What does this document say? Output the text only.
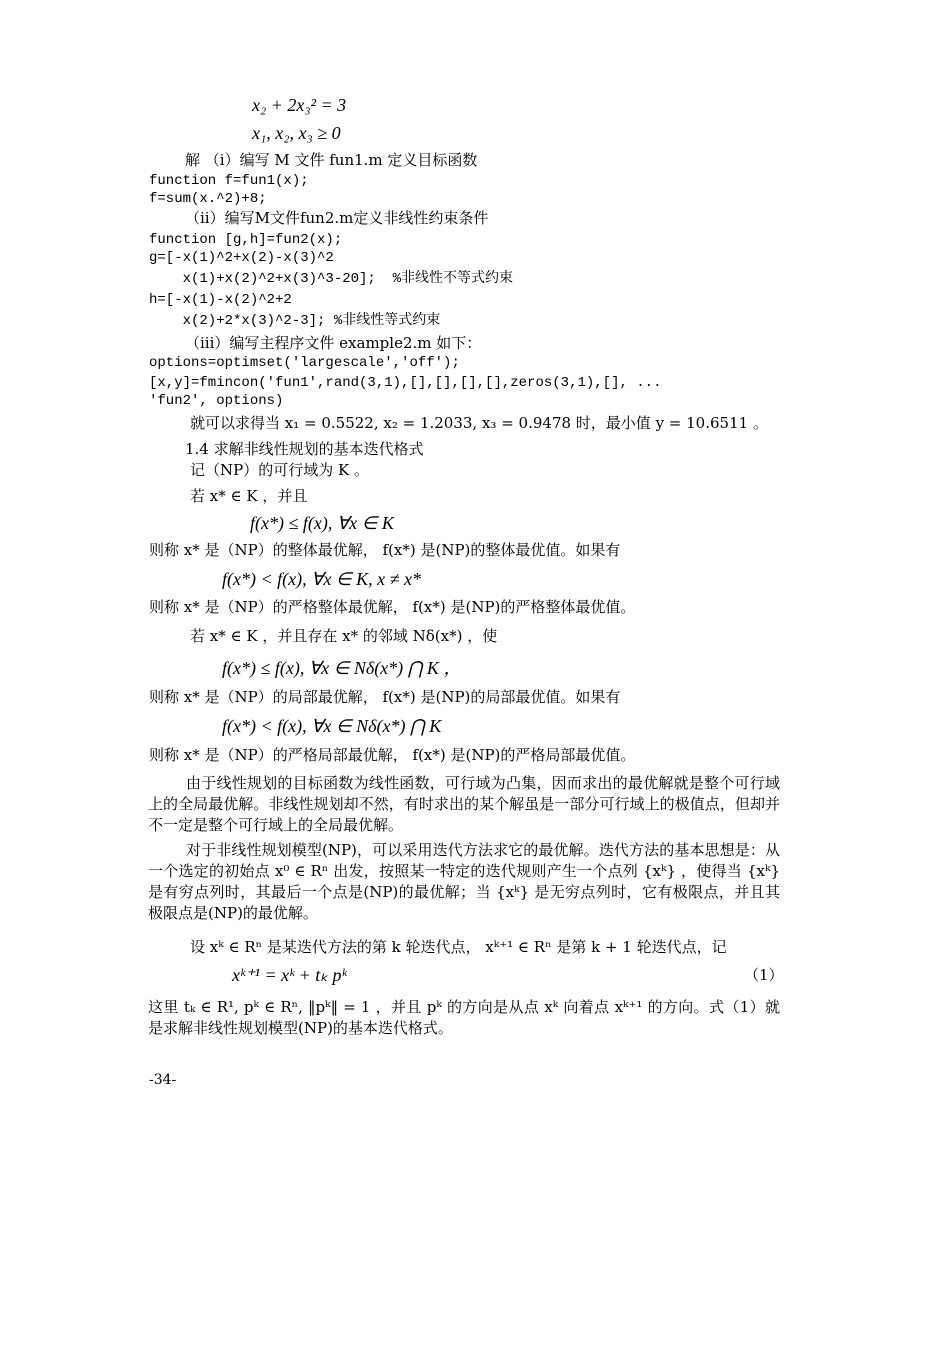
x₂ + 2x₃² = 3
x₁, x₂, x₃ ≥ 0
解 （i）编写 M 文件 fun1.m 定义目标函数
function f=fun1(x);
f=sum(x.^2)+8;
（ii）编写M文件fun2.m定义非线性约束条件
function [g,h]=fun2(x);
g=[-x(1)^2+x(2)-x(3)^2
x(1)+x(2)^2+x(3)^3-20];  %非线性不等式约束
h=[-x(1)-x(2)^2+2
x(2)+2*x(3)^2-3]; %非线性等式约束
（iii）编写主程序文件 example2.m 如下：
options=optimset('largescale','off');
[x,y]=fmincon('fun1',rand(3,1),[],[],[],[],zeros(3,1),[], ...
'fun2', options)
就可以求得当 x₁ = 0.5522, x₂ = 1.2033, x₃ = 0.9478 时，最小值 y = 10.6511 。
1.4 求解非线性规划的基本迭代格式
记（NP）的可行域为 K 。
若 x* ∈ K ，并且
f(x*) ≤ f(x), ∀x ∈ K
则称 x* 是（NP）的整体最优解， f(x*) 是(NP)的整体最优值。如果有
f(x*) < f(x), ∀x ∈ K, x ≠ x*
则称 x* 是（NP）的严格整体最优解， f(x*) 是(NP)的严格整体最优值。
若 x* ∈ K ，并且存在 x* 的邻域 Nδ(x*) ，使
f(x*) ≤ f(x), ∀x ∈ Nδ(x*) ⋂ K ，
则称 x* 是（NP）的局部最优解， f(x*) 是(NP)的局部最优值。如果有
f(x*) < f(x), ∀x ∈ Nδ(x*) ⋂ K
则称 x* 是（NP）的严格局部最优解， f(x*) 是(NP)的严格局部最优值。
由于线性规划的目标函数为线性函数，可行域为凸集，因而求出的最优解就是整个可行域上的全局最优解。非线性规划却不然，有时求出的某个解虽是一部分可行域上的极值点，但却并不一定是整个可行域上的全局最优解。
对于非线性规划模型(NP)，可以采用迭代方法求它的最优解。迭代方法的基本思想是：从一个选定的初始点 x⁰ ∈ Rⁿ 出发，按照某一特定的迭代规则产生一个点列 {xᵏ} ，使得当 {xᵏ} 是有穷点列时，其最后一个点是(NP)的最优解；当 {xᵏ} 是无穷点列时，它有极限点，并且其极限点是(NP)的最优解。
设 xᵏ ∈ Rⁿ 是某迭代方法的第 k 轮迭代点， xᵏ⁺¹ ∈ Rⁿ 是第 k + 1 轮迭代点，记
xᵏ⁺¹ = xᵏ + tₖ pᵏ	（1）
这里 tₖ ∈ R¹, pᵏ ∈ Rⁿ, ‖pᵏ‖ = 1 ，并且 pᵏ 的方向是从点 xᵏ 向着点 xᵏ⁺¹ 的方向。式（1）就是求解非线性规划模型(NP)的基本迭代格式。
-34-
